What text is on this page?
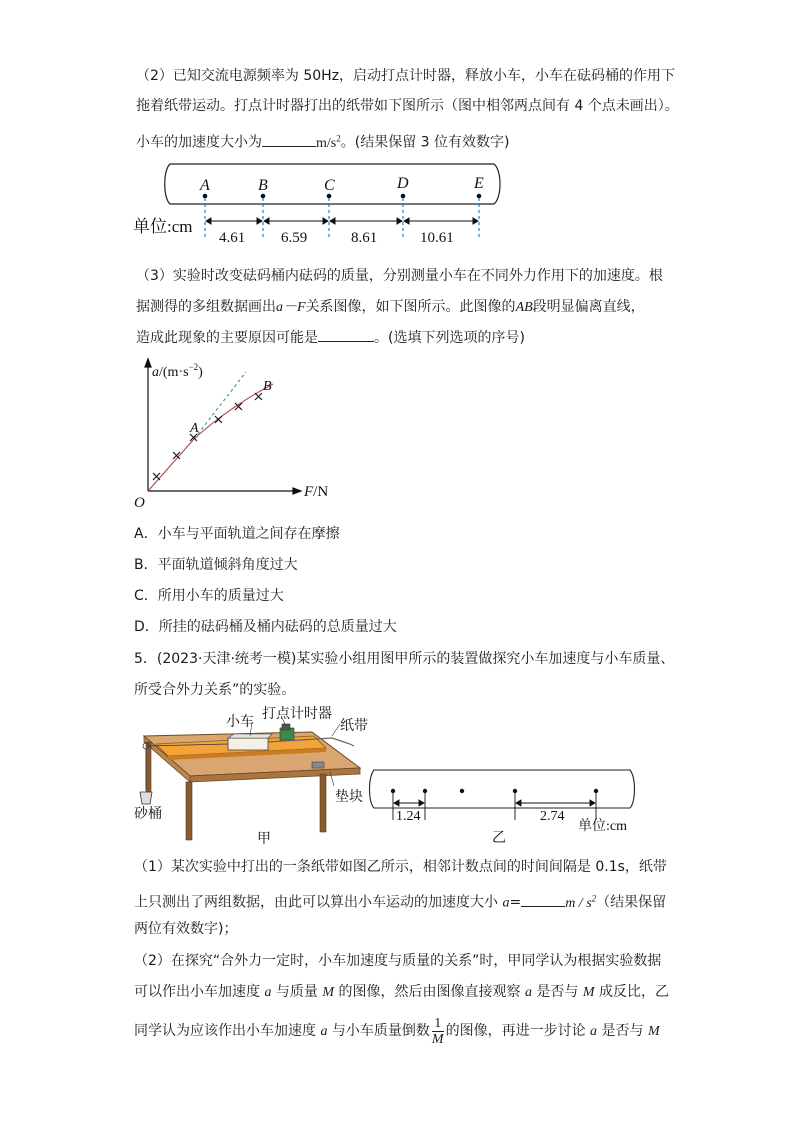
（2）已知交流电源频率为 50Hz，启动打点计时器，释放小车，小车在砝码桶的作用下
拖着纸带运动。打点计时器打出的纸带如下图所示（图中相邻两点间有 4 个点未画出）。
小车的加速度大小为	$m/s^2$。(结果保留 3 位有效数字)
A	B	C	D	E
单位:cm
4.61 6.59	8.61	10.61
（3）实验时改变砝码桶内砝码的质量，分别测量小车在不同外力作用下的加速度。根
据测得的多组数据画出a－F关系图像，如下图所示。此图像的AB段明显偏离直线，
造成此现象的主要原因可能是	。(选填下列选项的序号)
$a/(m\cdot s^{-2})$
F/N
O
A
B
A．小车与平面轨道之间存在摩擦
B．平面轨道倾斜角度过大
C．所用小车的质量过大
D．所挂的砝码桶及桶内砝码的总质量过大
5．(2023·天津·统考一模)某实验小组用图甲所示的装置做探究小车加速度与小车质量、
所受合外力关系”的实验。
小车
打点计时器
纸带
垫块
砂桶
甲
1.24	2.74
单位:cm
乙
（1）某次实验中打出的一条纸带如图乙所示，相邻计数点间的时间间隔是 0.1s，纸带
上只测出了两组数据，由此可以算出小车运动的加速度大小 a=	m / $s^2$（结果保留
两位有效数字)；
（2）在探究“合外力一定时，小车加速度与质量的关系”时，甲同学认为根据实验数据
可以作出小车加速度 a 与质量 M 的图像，然后由图像直接观察 a 是否与 M 成反比，乙
同学认为应该作出小车加速度 a 与小车质量倒数 $\frac{1}{M}$ 的图像，再进一步讨论 a 是否与 M
